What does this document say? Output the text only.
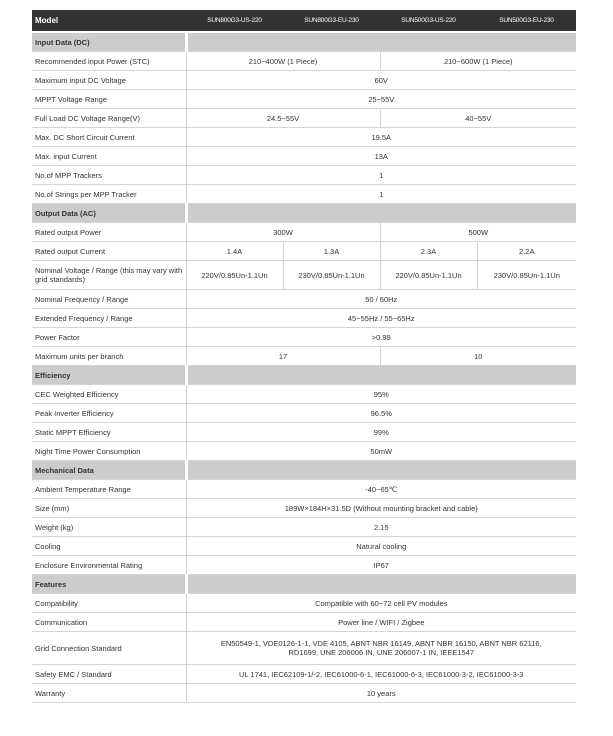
Model	SUN800G3-US-220	SUN800G3-EU-230	SUN500G3-US-220	SUN500G3-EU-230
Input Data (DC)				
Recommended input Power (STC)	210~400W (1 Piece)		210~600W (1 Piece)	
Maximum input DC Voltage	60V			
MPPT Voltage Range	25~55V			
Full Load DC Voltage Range(V)	24.5~55V		40~55V	
Max. DC Short Circuit Current	19.5A			
Max. input Current	13A			
No.of MPP Trackers	1			
No.of Strings per MPP Tracker	1			
Output Data (AC)				
Rated output Power	300W		500W	
Rated output Current	1.4A	1.3A	2.3A	2.2A
Nominal Voltage / Range (this may vary with grid standards)	220V/0.85Un-1.1Un	230V/0.85Un-1.1Un	220V/0.85Un-1.1Un	230V/0.85Un-1.1Un
Nominal Frequency / Range	50 / 60Hz			
Extended Frequency / Range	45~55Hz / 55~65Hz			
Power Factor	>0.99			
Maximum units per branch	17		10	
Efficiency				
CEC Weighted Efficiency	95%			
Peak Inverter Efficiency	96.5%			
Static MPPT Efficiency	99%			
Night Time Power Consumption	50mW			
Mechanical Data				
Ambient Temperature Range	-40~65℃			
Size (mm)	189W×184H×31.5D (Without mounting bracket and cable)			
Weight (kg)	2.15			
Cooling	Natural cooling			
Enclosure Environmental Rating	IP67			
Features				
Compatibility	Compatible with 60~72 cell PV modules			
Communication	Power line / WIFI / Zigbee			
Grid Connection Standard	EN50549-1, VDE0126-1-1, VDE 4105, ABNT NBR 16149, ABNT NBR 16150, ABNT NBR 62116,
RD1699, UNE 206006 IN, UNE 206007-1 IN, IEEE1547			

Safety EMC / Standard	UL 1741, IEC62109-1/-2, IEC61000-6-1, IEC61000-6-3, IEC61000-3-2, IEC61000-3-3			
Warranty	10 years			
